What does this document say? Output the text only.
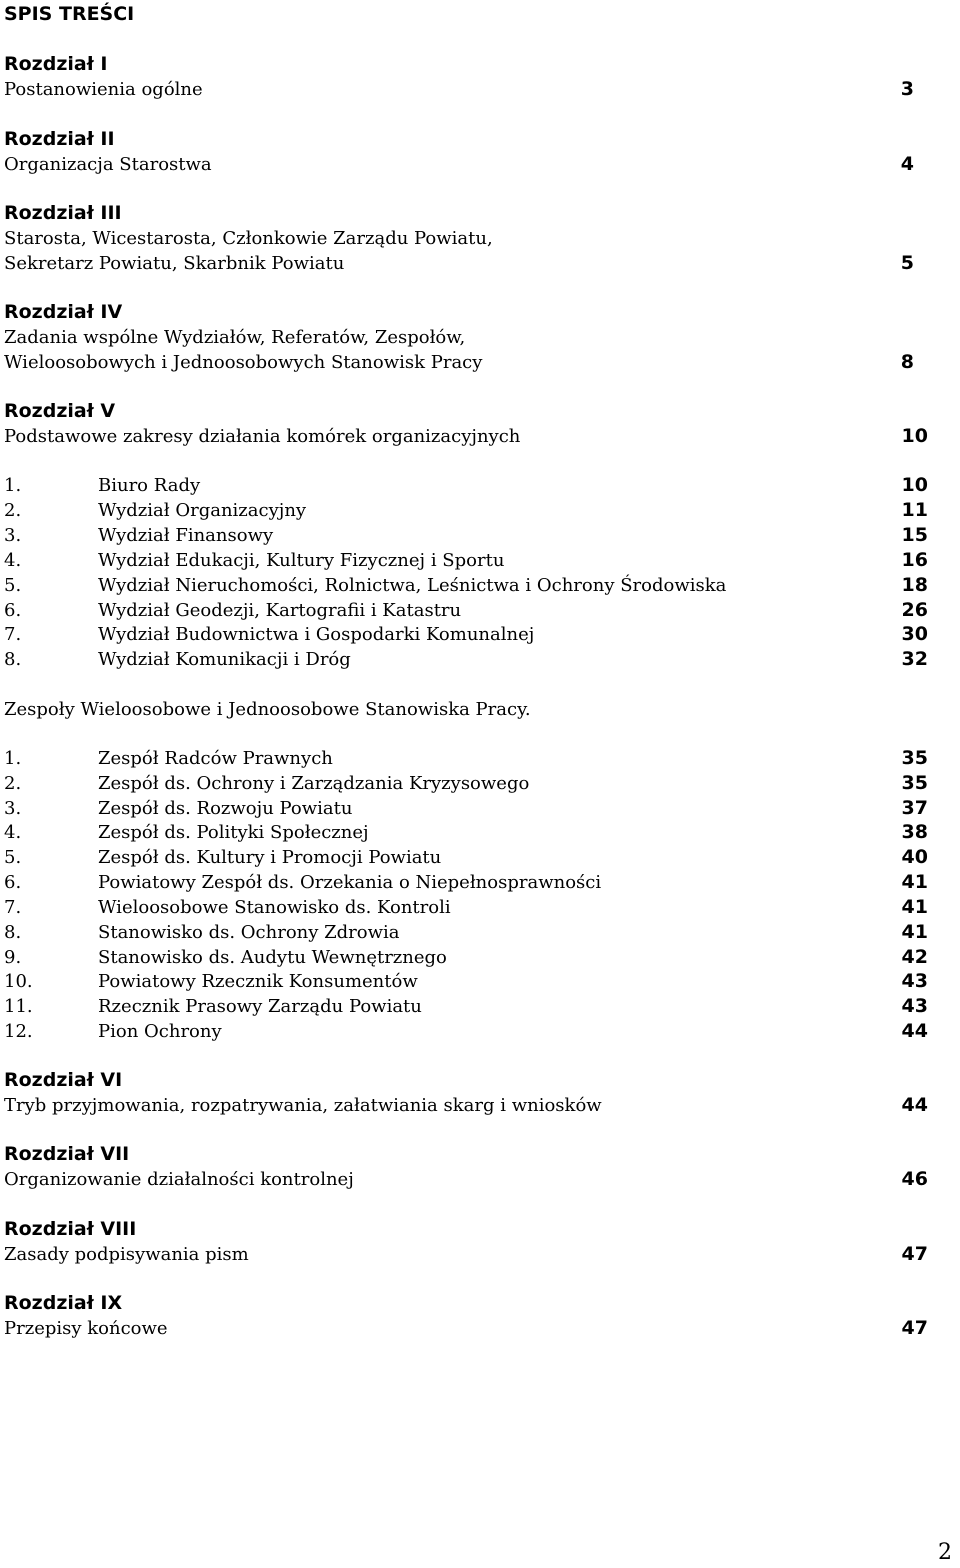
SPIS TREŚCI
Rozdział I
Postanowienia ogólne	3
Rozdział II
Organizacja Starostwa	4
Rozdział III
Starosta, Wicestarosta, Członkowie Zarządu Powiatu,
Sekretarz Powiatu, Skarbnik Powiatu	5
Rozdział IV
Zadania wspólne Wydziałów, Referatów, Zespołów,
Wieloosobowych i Jednoosobowych Stanowisk Pracy	8
Rozdział V
Podstawowe zakresy działania komórek organizacyjnych	10
1.	Biuro Rady	10
2.	Wydział Organizacyjny	11
3.	Wydział Finansowy	15
4.	Wydział Edukacji, Kultury Fizycznej i Sportu	16
5.	Wydział Nieruchomości, Rolnictwa, Leśnictwa i Ochrony Środowiska	18
6.	Wydział Geodezji, Kartografii i Katastru	26
7.	Wydział Budownictwa i Gospodarki Komunalnej	30
8.	Wydział Komunikacji i Dróg	32
Zespoły Wieloosobowe i Jednoosobowe Stanowiska Pracy.
1.	Zespół Radców Prawnych	35
2.	Zespół ds. Ochrony i Zarządzania Kryzysowego	35
3.	Zespół ds. Rozwoju Powiatu	37
4.	Zespół ds. Polityki Społecznej	38
5.	Zespół ds. Kultury i Promocji Powiatu	40
6.	Powiatowy Zespół ds. Orzekania o Niepełnosprawności	41
7.	Wieloosobowe Stanowisko ds. Kontroli	41
8.	Stanowisko ds. Ochrony Zdrowia	41
9.	Stanowisko ds. Audytu Wewnętrznego	42
10.	Powiatowy Rzecznik Konsumentów	43
11.	Rzecznik Prasowy Zarządu Powiatu	43
12.	Pion Ochrony	44
Rozdział VI
Tryb przyjmowania, rozpatrywania, załatwiania skarg i wniosków	44
Rozdział VII
Organizowanie działalności kontrolnej	46
Rozdział VIII
Zasady podpisywania pism	47
Rozdział IX
Przepisy końcowe	47
2
